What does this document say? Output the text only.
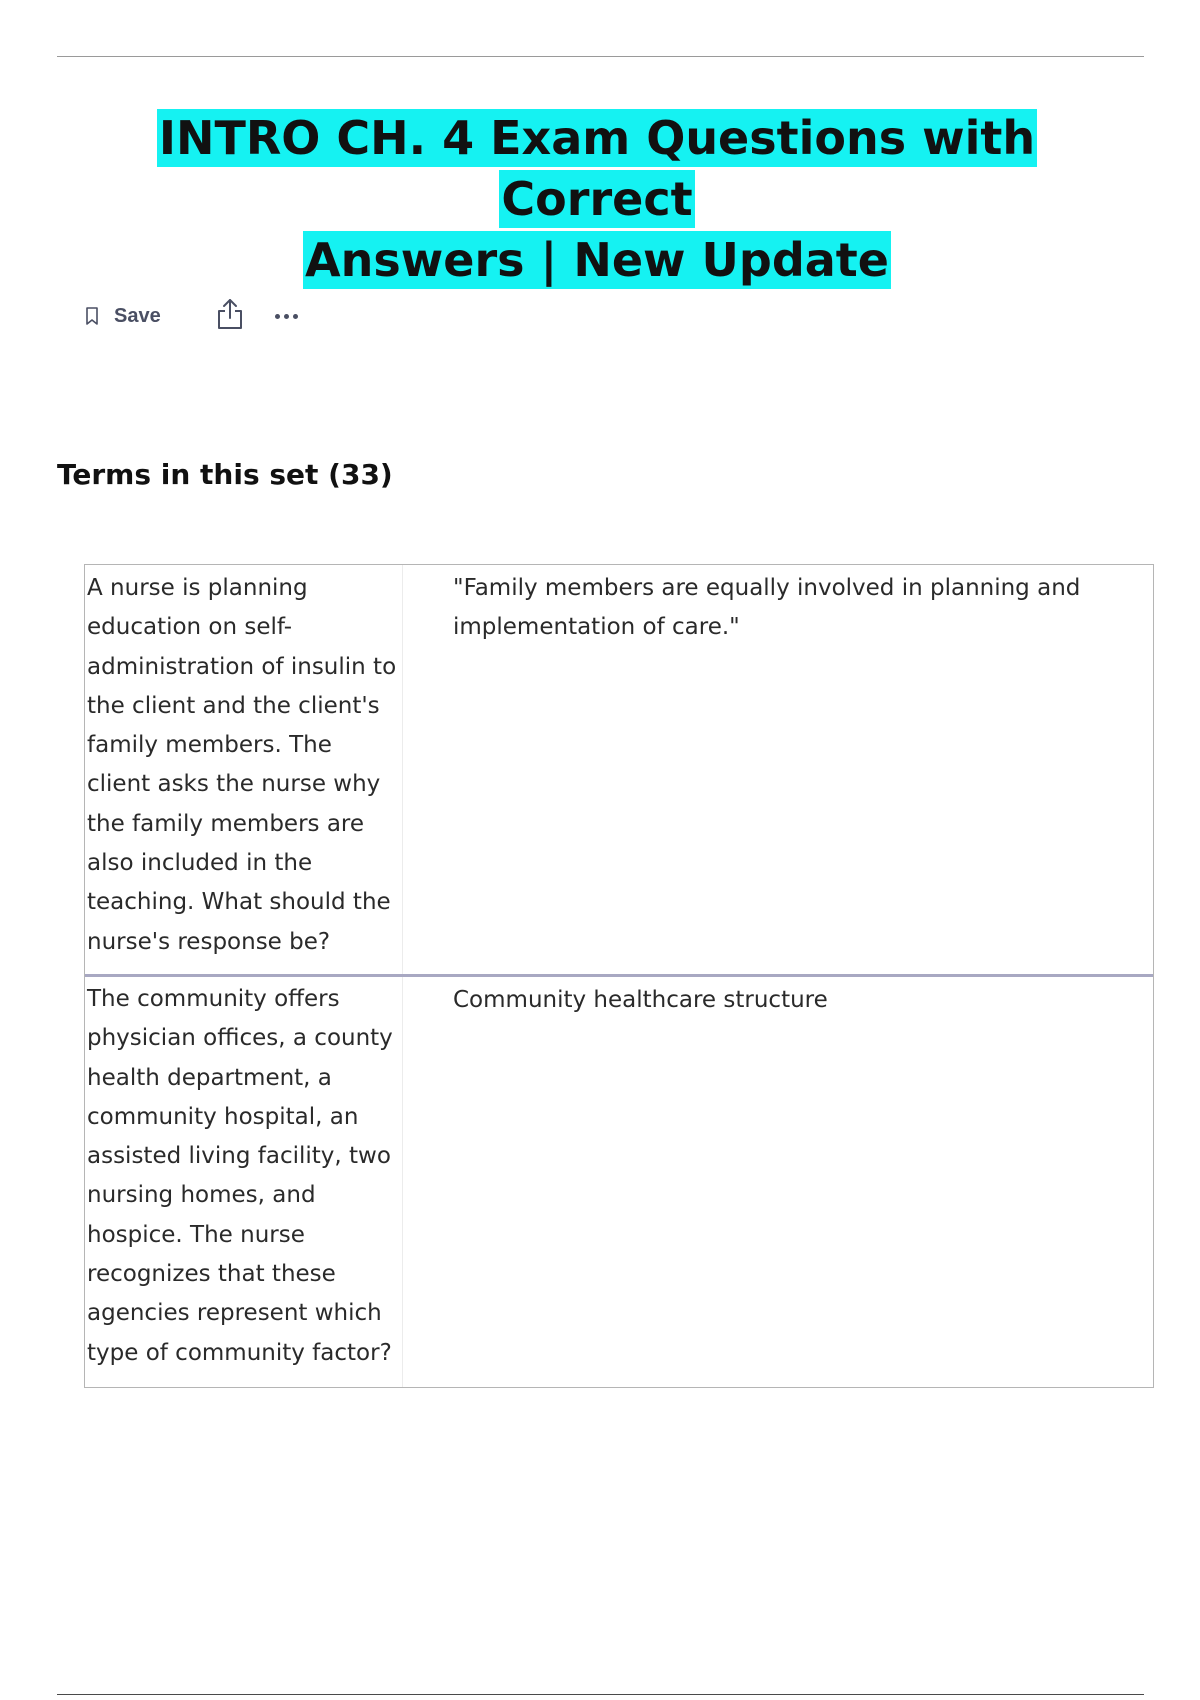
INTRO CH. 4 Exam Questions with Correct
Answers | New Update
Save
Terms in this set (33)
A nurse is planning education on self-administration of insulin to the client and the client's family members. The client asks the nurse why the family members are also included in the teaching. What should the nurse's response be?
"Family members are equally involved in planning and implementation of care."
The community offers physician offices, a county health department, a community hospital, an assisted living facility, two nursing homes, and hospice. The nurse recognizes that these agencies represent which type of community factor?
Community healthcare structure
